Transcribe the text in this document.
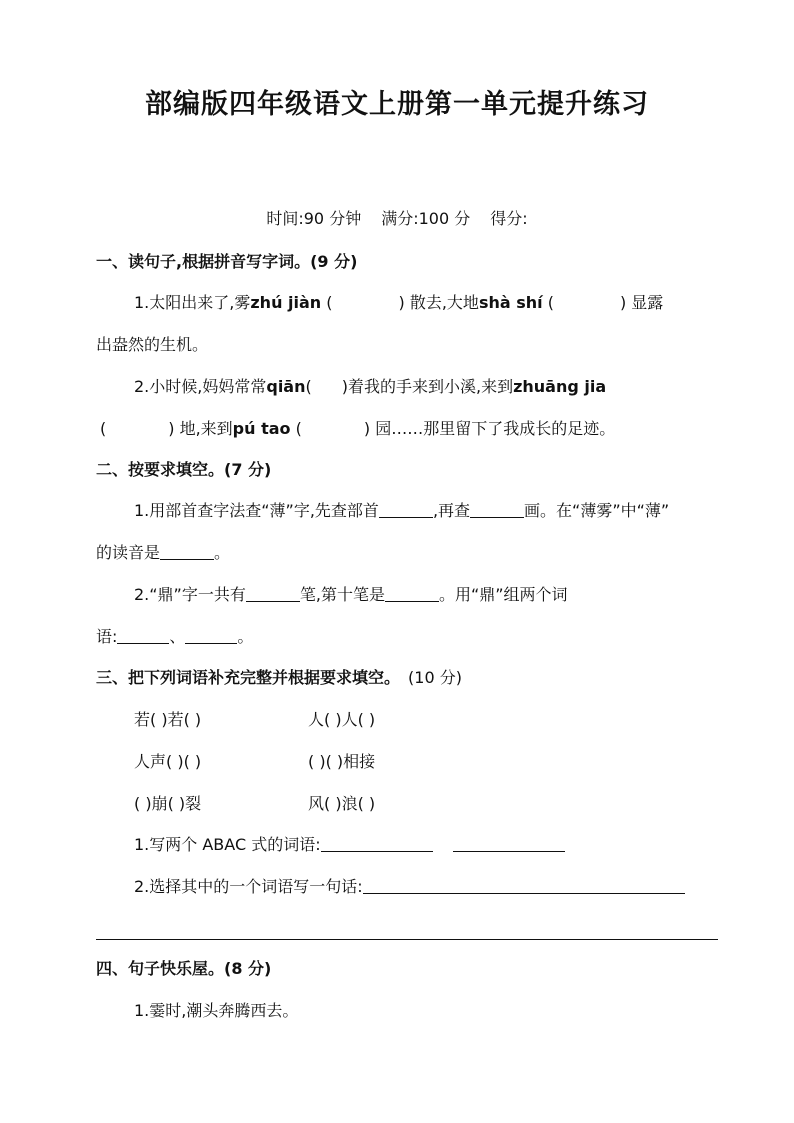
部编版四年级语文上册第一单元提升练习
时间:90 分钟 满分:100 分 得分:
一、读句子,根据拼音写字词。(9 分)
1.太阳出来了,雾zhú jiàn (	) 散去,大地shà shí (	) 显露
出盎然的生机。
2.小时候,妈妈常常qiān( )着我的手来到小溪,来到zhuāng jia
(	) 地,来到pú tao (	) 园……那里留下了我成长的足迹。
二、按要求填空。(7 分)
1.用部首查字法查“薄”字,先查部首	,再查	画。在“薄雾”中“薄”
的读音是	。
2.“鼎”字一共有	笔,第十笔是	。用“鼎”组两个词
语:	、	。
三、把下列词语补充完整并根据要求填空。 (10 分)
若( )若( )	人( )人( )
人声( )( )	( )( )相接
( )崩( )裂	风( )浪( )
1.写两个 ABAC 式的词语:
2.选择其中的一个词语写一句话:
四、句子快乐屋。(8 分)
1.霎时,潮头奔腾西去。
